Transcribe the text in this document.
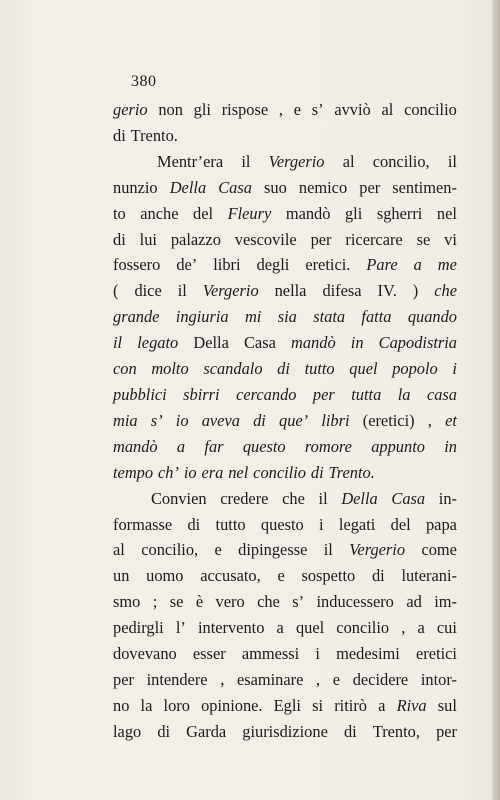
380
gerio non gli rispose , e s’ avviò al concilio
di Trento.
Mentr’era il Vergerio al concilio, il
nunzio Della Casa suo nemico per sentimen-
to anche del Fleury mandò gli sgherri nel
di lui palazzo vescovile per ricercare se vi
fossero de’ libri degli eretici. Pare a me
( dice il Vergerio nella difesa IV. ) che
grande ingiuria mi sia stata fatta quando
il legato Della Casa mandò in Capodistria
con molto scandalo di tutto quel popolo i
pubblici sbirri cercando per tutta la casa
mia s’ io aveva di que’ libri (eretici) , et
mandò a far questo romore appunto in
tempo ch’ io era nel concilio di Trento.
Convien credere che il Della Casa in-
formasse di tutto questo i legati del papa
al concilio, e dipingesse il Vergerio come
un uomo accusato, e sospetto di luterani-
smo ; se è vero che s’ inducessero ad im-
pedirgli l’ intervento a quel concilio , a cui
dovevano esser ammessi i medesimi eretici
per intendere , esaminare , e decidere intor-
no la loro opinione. Egli si ritirò a Riva sul
lago di Garda giurisdizione di Trento, per
